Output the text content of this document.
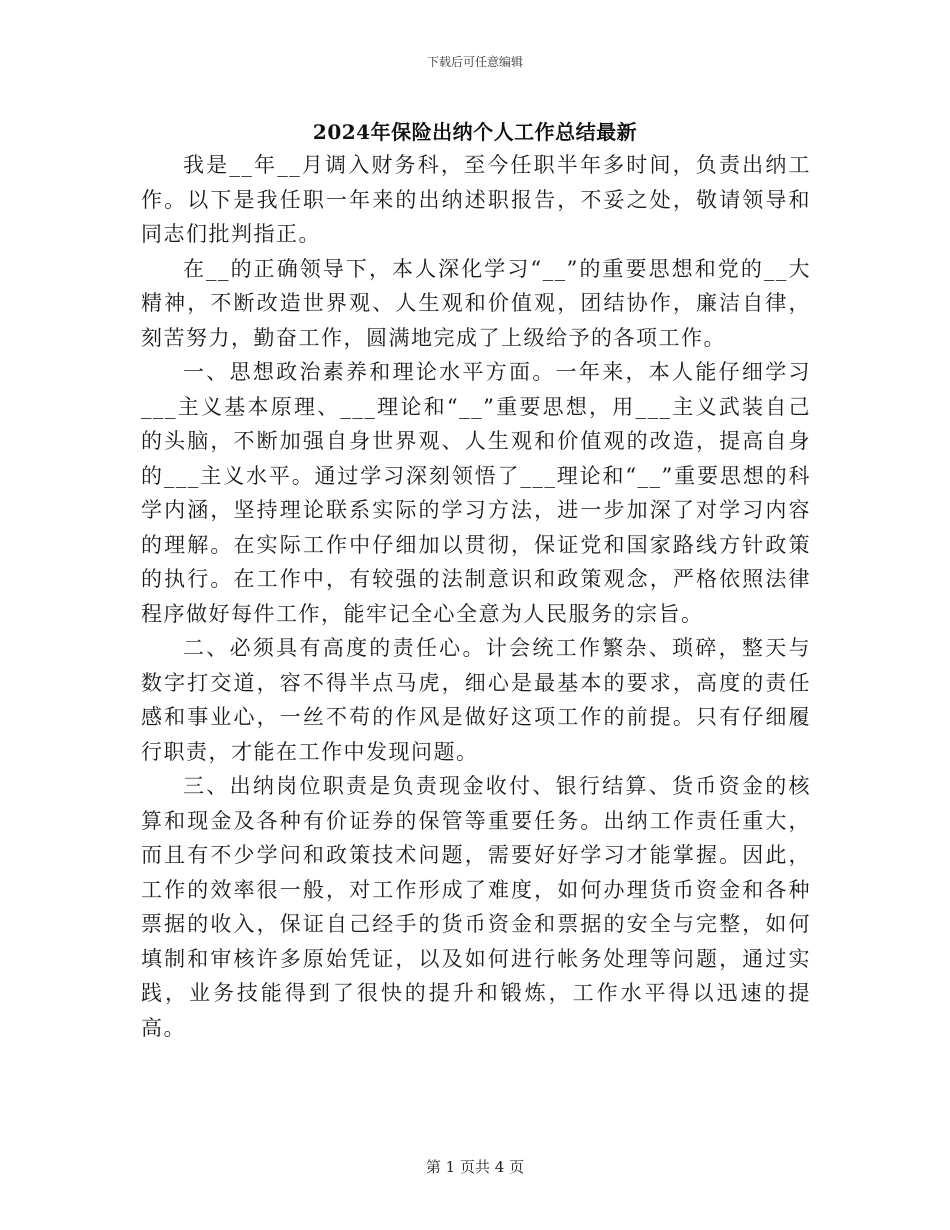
下载后可任意编辑
2024年保险出纳个人工作总结最新

我是__年__月调入财务科，至今任职半年多时间，负责出纳工作。以下是我任职一年来的出纳述职报告，不妥之处，敬请领导和同志们批判指正。

在__的正确领导下，本人深化学习“__”的重要思想和党的__大精神，不断改造世界观、人生观和价值观，团结协作，廉洁自律，刻苦努力，勤奋工作，圆满地完成了上级给予的各项工作。

一、思想政治素养和理论水平方面。一年来，本人能仔细学习___主义基本原理、___理论和“__”重要思想，用___主义武装自己的头脑，不断加强自身世界观、人生观和价值观的改造，提高自身的___主义水平。通过学习深刻领悟了___理论和“__”重要思想的科学内涵，坚持理论联系实际的学习方法，进一步加深了对学习内容的理解。在实际工作中仔细加以贯彻，保证党和国家路线方针政策的执行。在工作中，有较强的法制意识和政策观念，严格依照法律程序做好每件工作，能牢记全心全意为人民服务的宗旨。

二、必须具有高度的责任心。计会统工作繁杂、琐碎，整天与数字打交道，容不得半点马虎，细心是最基本的要求，高度的责任感和事业心，一丝不苟的作风是做好这项工作的前提。只有仔细履行职责，才能在工作中发现问题。

三、出纳岗位职责是负责现金收付、银行结算、货币资金的核算和现金及各种有价证券的保管等重要任务。出纳工作责任重大，而且有不少学问和政策技术问题，需要好好学习才能掌握。因此，工作的效率很一般，对工作形成了难度，如何办理货币资金和各种票据的收入，保证自己经手的货币资金和票据的安全与完整，如何填制和审核许多原始凭证，以及如何进行帐务处理等问题，通过实践，业务技能得到了很快的提升和锻炼，工作水平得以迅速的提高。

第 1 页共 4 页
